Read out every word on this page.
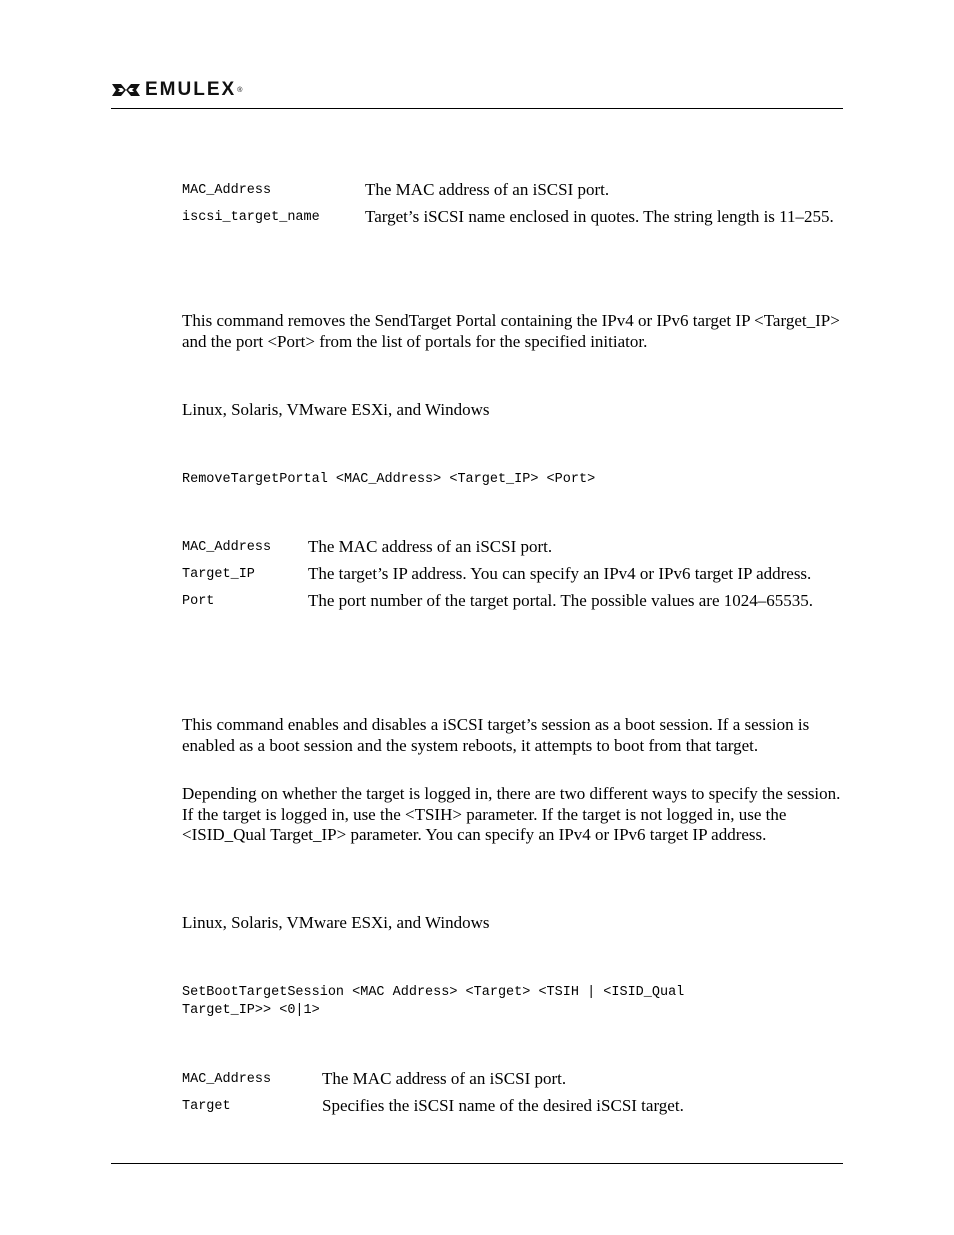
EMULEX ®
MAC_Address	The MAC address of an iSCSI port.
iscsi_target_name	Target’s iSCSI name enclosed in quotes. The string length is 11–255.

This command removes the SendTarget Portal containing the IPv4 or IPv6 target IP <Target_IP> and the port <Port> from the list of portals for the specified initiator.

Linux, Solaris, VMware ESXi, and Windows

RemoveTargetPortal <MAC_Address> <Target_IP> <Port>

MAC_Address	The MAC address of an iSCSI port.
Target_IP	The target’s IP address. You can specify an IPv4 or IPv6 target IP address.
Port	The port number of the target portal. The possible values are 1024–65535.

This command enables and disables a iSCSI target’s session as a boot session. If a session is enabled as a boot session and the system reboots, it attempts to boot from that target.

Depending on whether the target is logged in, there are two different ways to specify the session. If the target is logged in, use the <TSIH> parameter. If the target is not logged in, use the <ISID_Qual Target_IP> parameter. You can specify an IPv4 or IPv6 target IP address.

Linux, Solaris, VMware ESXi, and Windows

SetBootTargetSession <MAC Address> <Target> <TSIH | <ISID_Qual

Target_IP>> <0|1>

MAC_Address	The MAC address of an iSCSI port.
Target	Specifies the iSCSI name of the desired iSCSI target.
